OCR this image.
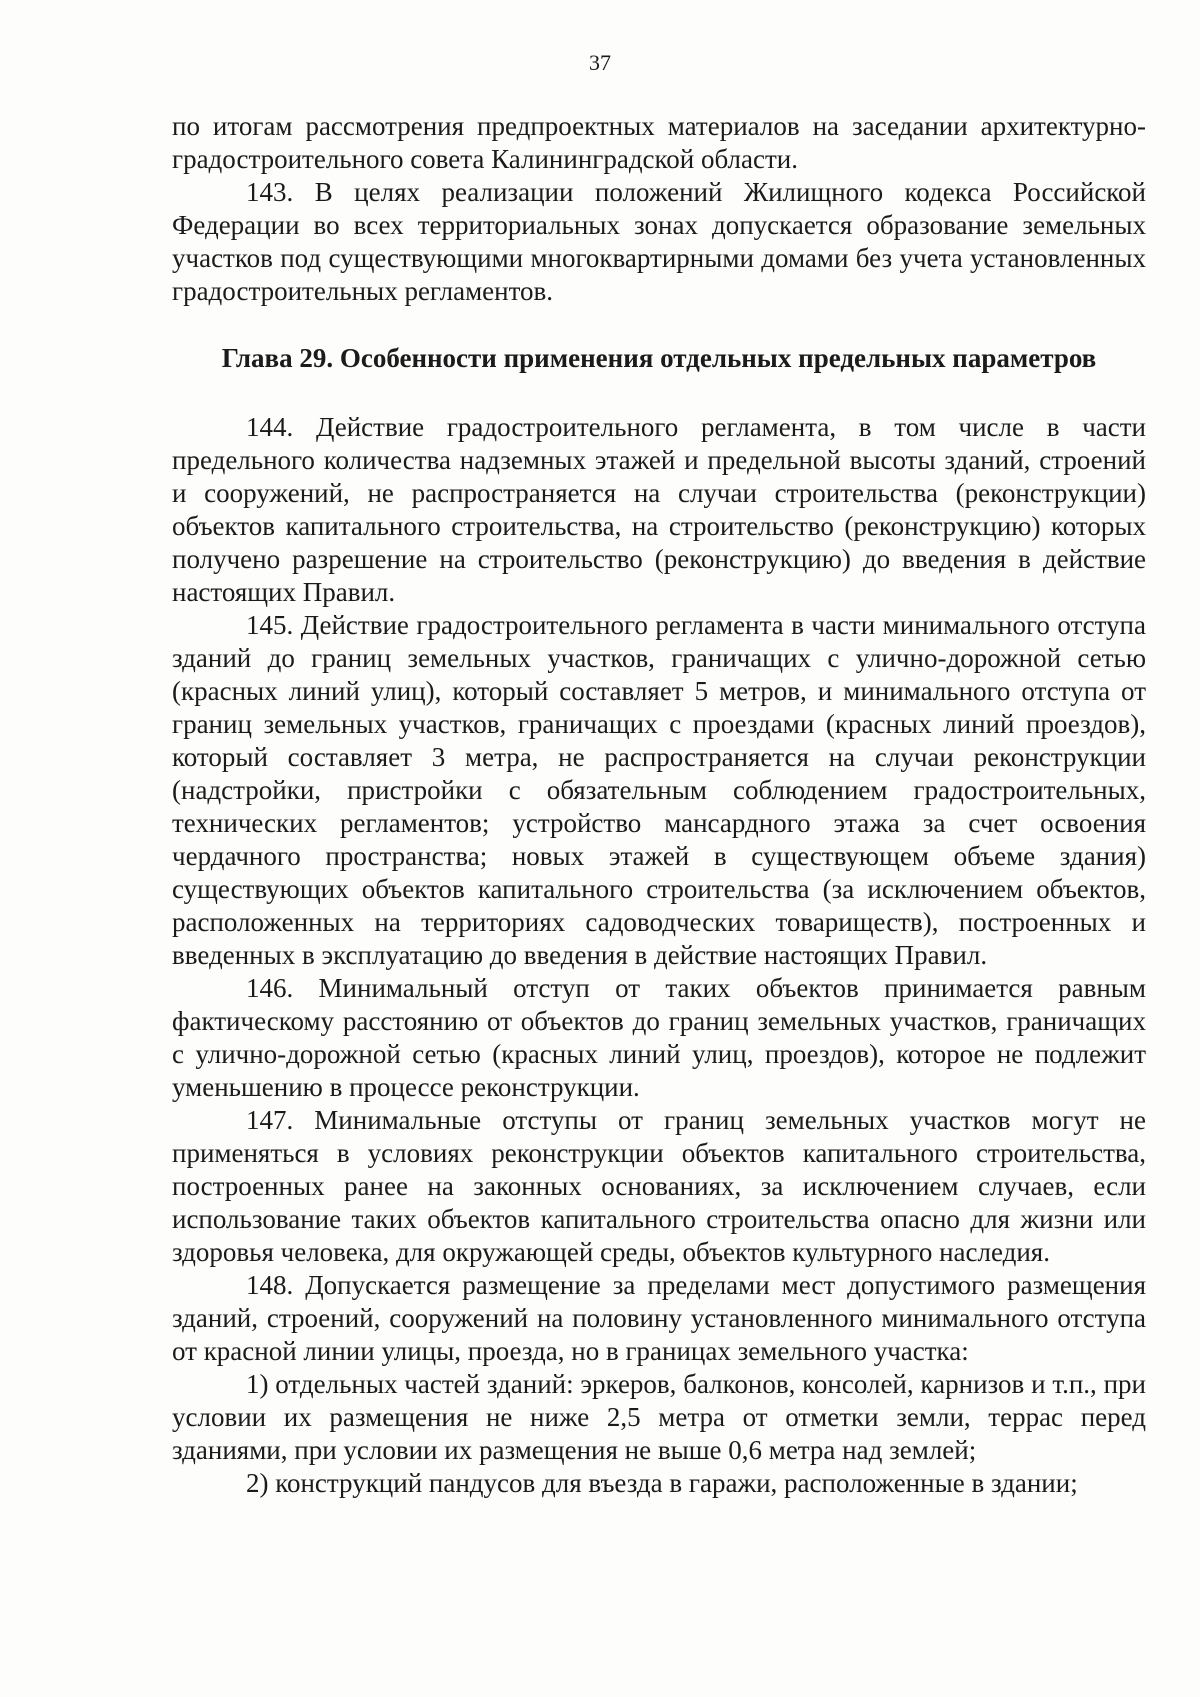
37

по итогам рассмотрения предпроектных материалов на заседании архитектурно-градостроительного совета Калининградской области.

143. В целях реализации положений Жилищного кодекса Российской Федерации во всех территориальных зонах допускается образование земельных участков под существующими многоквартирными домами без учета установленных градостроительных регламентов.

Глава 29. Особенности применения отдельных предельных параметров

144. Действие градостроительного регламента, в том числе в части предельного количества надземных этажей и предельной высоты зданий, строений и сооружений, не распространяется на случаи строительства (реконструкции) объектов капитального строительства, на строительство (реконструкцию) которых получено разрешение на строительство (реконструкцию) до введения в действие настоящих Правил.

145. Действие градостроительного регламента в части минимального отступа зданий до границ земельных участков, граничащих с улично-дорожной сетью (красных линий улиц), который составляет 5 метров, и минимального отступа от границ земельных участков, граничащих с проездами (красных линий проездов), который составляет 3 метра, не распространяется на случаи реконструкции (надстройки, пристройки с обязательным соблюдением градостроительных, технических регламентов; устройство мансардного этажа за счет освоения чердачного пространства; новых этажей в существующем объеме здания) существующих объектов капитального строительства (за исключением объектов, расположенных на территориях садоводческих товариществ), построенных и введенных в эксплуатацию до введения в действие настоящих Правил.

146. Минимальный отступ от таких объектов принимается равным фактическому расстоянию от объектов до границ земельных участков, граничащих с улично-дорожной сетью (красных линий улиц, проездов), которое не подлежит уменьшению в процессе реконструкции.

147. Минимальные отступы от границ земельных участков могут не применяться в условиях реконструкции объектов капитального строительства, построенных ранее на законных основаниях, за исключением случаев, если использование таких объектов капитального строительства опасно для жизни или здоровья человека, для окружающей среды, объектов культурного наследия.

148. Допускается размещение за пределами мест допустимого размещения зданий, строений, сооружений на половину установленного минимального отступа от красной линии улицы, проезда, но в границах земельного участка:

1) отдельных частей зданий: эркеров, балконов, консолей, карнизов и т.п., при условии их размещения не ниже 2,5 метра от отметки земли, террас перед зданиями, при условии их размещения не выше 0,6 метра над землей;

2) конструкций пандусов для въезда в гаражи, расположенные в здании;
